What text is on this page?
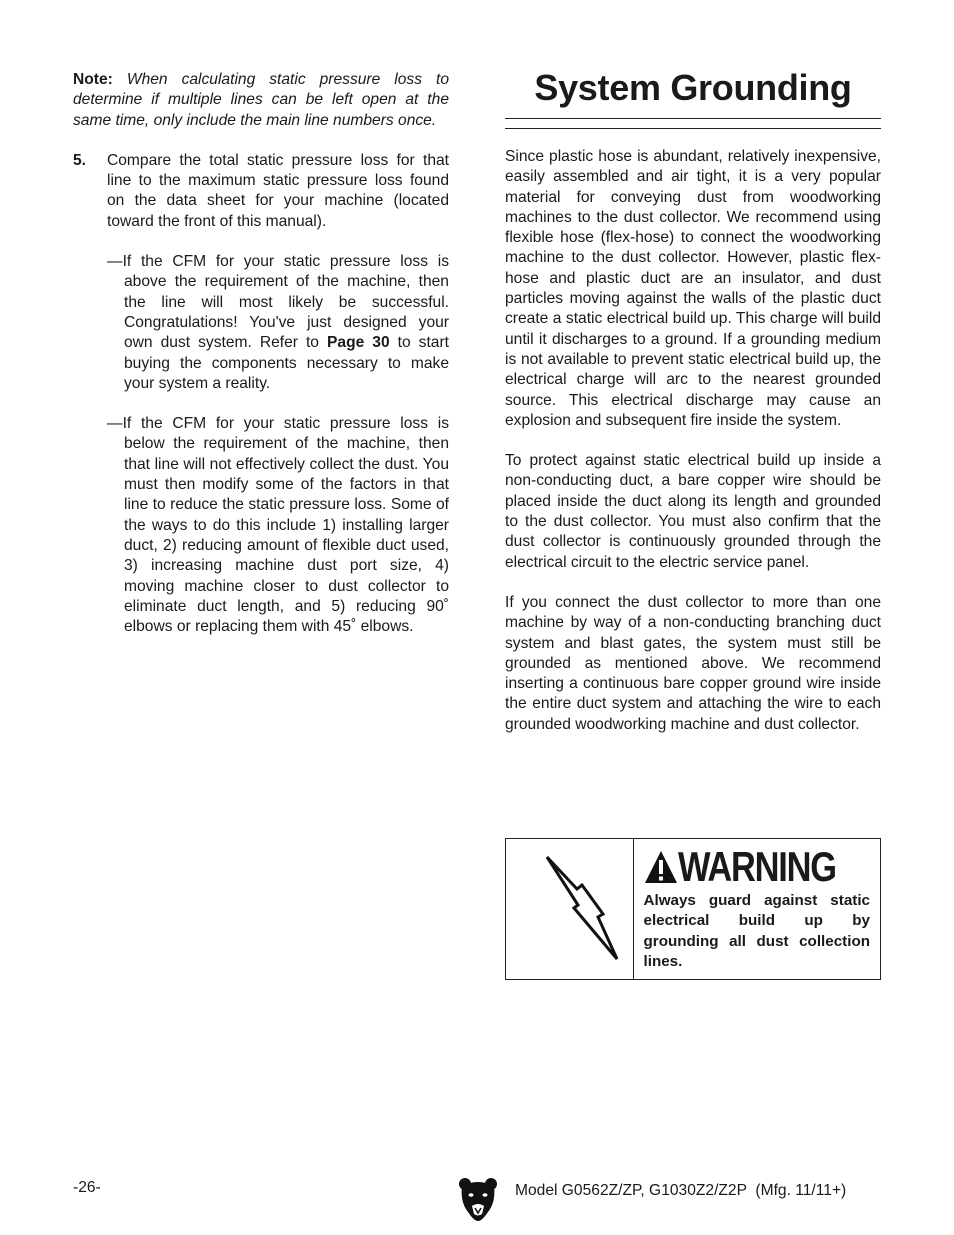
Note: When calculating static pressure loss to determine if multiple lines can be left open at the same time, only include the main line numbers once.

5.	Compare the total static pressure loss for that line to the maximum static pressure loss found on the data sheet for your machine (located toward the front of this manual).

—If the CFM for your static pressure loss is above the requirement of the machine, then the line will most likely be successful. Congratulations! You've just designed your own dust system. Refer to Page 30 to start buying the components necessary to make your system a reality.

—If the CFM for your static pressure loss is below the requirement of the machine, then that line will not effectively collect the dust. You must then modify some of the factors in that line to reduce the static pressure loss. Some of the ways to do this include 1) installing larger duct, 2) reducing amount of flexible duct used, 3) increasing machine dust port size, 4) moving machine closer to dust collector to eliminate duct length, and 5) reducing 90˚ elbows or replacing them with 45˚ elbows.

System Grounding

Since plastic hose is abundant, relatively inexpensive, easily assembled and air tight, it is a very popular material for conveying dust from woodworking machines to the dust collector. We recommend using flexible hose (flex-hose) to connect the woodworking machine to the dust collector. However, plastic flex-hose and plastic duct are an insulator, and dust particles moving against the walls of the plastic duct create a static electrical build up. This charge will build until it discharges to a ground. If a grounding medium is not available to prevent static electrical build up, the electrical charge will arc to the nearest grounded source. This electrical discharge may cause an explosion and subsequent fire inside the system.

To protect against static electrical build up inside a non-conducting duct, a bare copper wire should be placed inside the duct along its length and grounded to the dust collector. You must also confirm that the dust collector is continuously grounded through the electrical circuit to the electric service panel.

If you connect the dust collector to more than one machine by way of a non-conducting branching duct system and blast gates, the system must still be grounded as mentioned above. We recommend inserting a continuous bare copper ground wire inside the entire duct system and attaching the wire to each grounded woodworking machine and dust collector.

WARNING
Always guard against static electrical build up by grounding all dust collection lines.
-26-	Model G0562Z/ZP, G1030Z2/Z2P  (Mfg. 11/11+)
